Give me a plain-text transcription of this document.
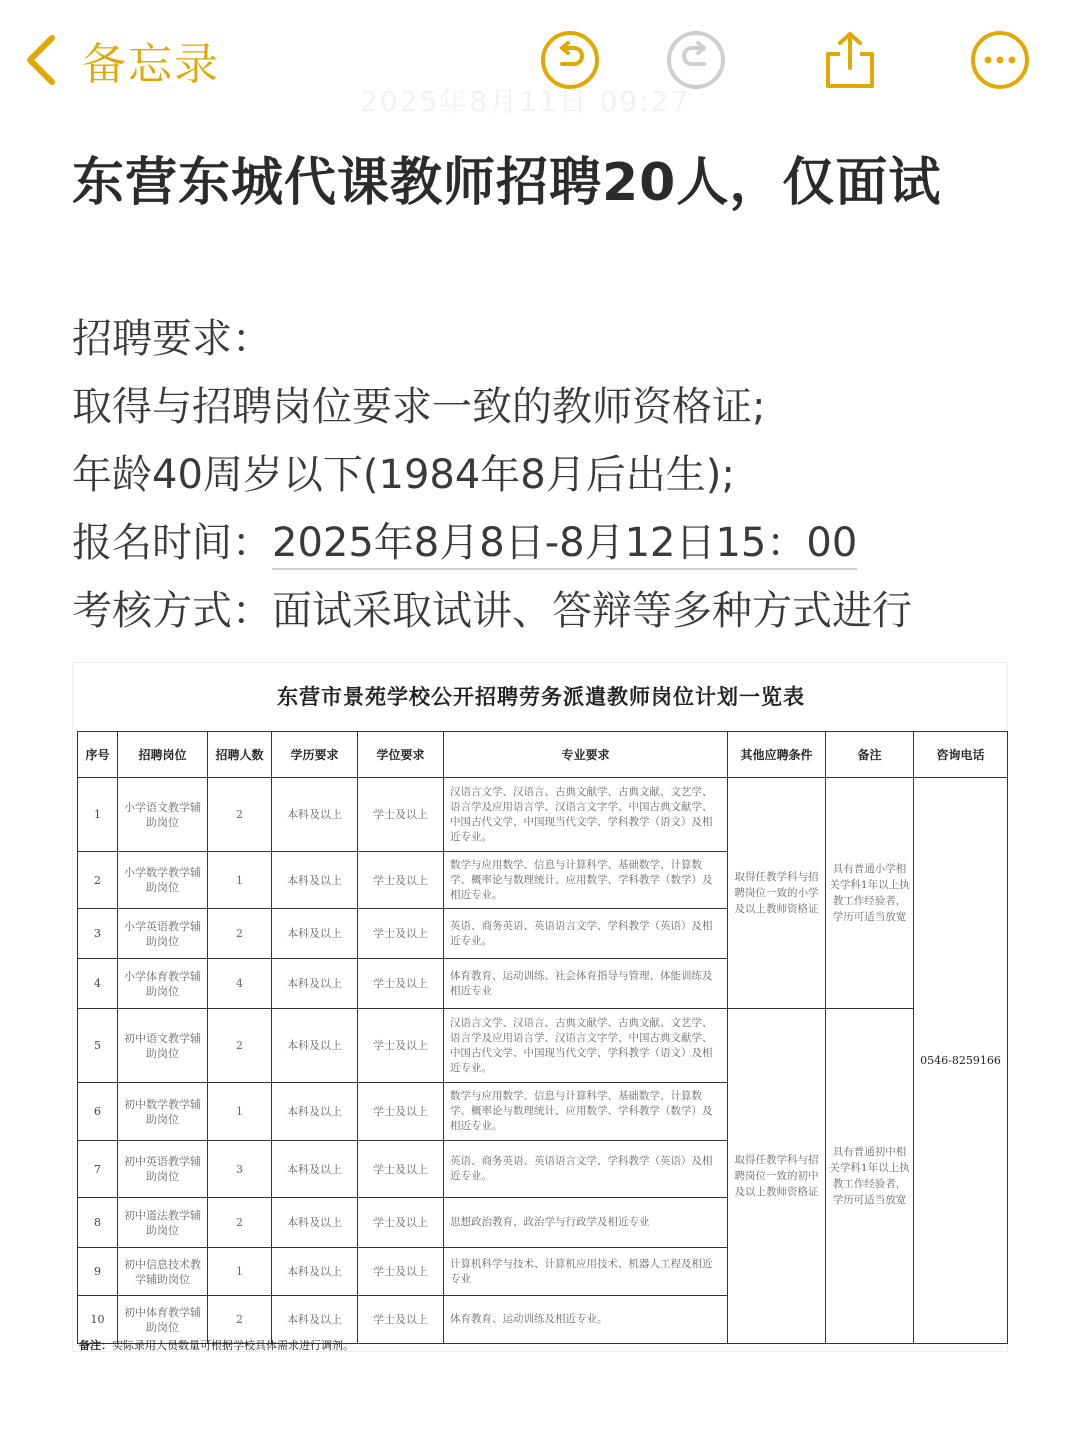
备忘录
2025年8月11日 09:27
东营东城代课教师招聘20人，仅面试
招聘要求：
取得与招聘岗位要求一致的教师资格证;
年龄40周岁以下(1984年8月后出生);
报名时间：2025年8月8日-8月12日15：00
考核方式：面试采取试讲、答辩等多种方式进行
东营市景苑学校公开招聘劳务派遣教师岗位计划一览表
序号	招聘岗位	招聘人数	学历要求	学位要求	专业要求	其他应聘条件	备注	咨询电话
1	小学语文教学辅助岗位	2	本科及以上	学士及以上	汉语言文学、汉语言、古典文献学、古典文献、文艺学、语言学及应用语言学、汉语言文字学、中国古典文献学、中国古代文学、中国现当代文学、学科教学（语文）及相近专业。	取得任教学科与招聘岗位一致的小学及以上教师资格证	具有普通小学相关学科1年以上执教工作经验者，学历可适当放宽	0546-8259166
2	小学数学教学辅助岗位	1	本科及以上	学士及以上	数学与应用数学、信息与计算科学、基础数学、计算数学、概率论与数理统计、应用数学、学科教学（数学）及相近专业。			
3	小学英语教学辅助岗位	2	本科及以上	学士及以上	英语、商务英语、英语语言文学、学科教学（英语）及相近专业。			
4	小学体育教学辅助岗位	4	本科及以上	学士及以上	体育教育、运动训练、社会体育指导与管理、体能训练及相近专业			
5	初中语文教学辅助岗位	2	本科及以上	学士及以上	汉语言文学、汉语言、古典文献学、古典文献、文艺学、语言学及应用语言学、汉语言文字学、中国古典文献学、中国古代文学、中国现当代文学、学科教学（语文）及相近专业。	取得任教学科与招聘岗位一致的初中及以上教师资格证	具有普通初中相关学科1年以上执教工作经验者，学历可适当放宽	
6	初中数学教学辅助岗位	1	本科及以上	学士及以上	数学与应用数学、信息与计算科学、基础数学、计算数学、概率论与数理统计、应用数学、学科教学（数学）及相近专业。			
7	初中英语教学辅助岗位	3	本科及以上	学士及以上	英语、商务英语、英语语言文学、学科教学（英语）及相近专业。			
8	初中道法教学辅助岗位	2	本科及以上	学士及以上	思想政治教育、政治学与行政学及相近专业			
9	初中信息技术教学辅助岗位	1	本科及以上	学士及以上	计算机科学与技术、计算机应用技术、机器人工程及相近专业			
10	初中体育教学辅助岗位	2	本科及以上	学士及以上	体育教育、运动训练及相近专业。			
备注：实际录用人员数量可根据学校具体需求进行调剂。
